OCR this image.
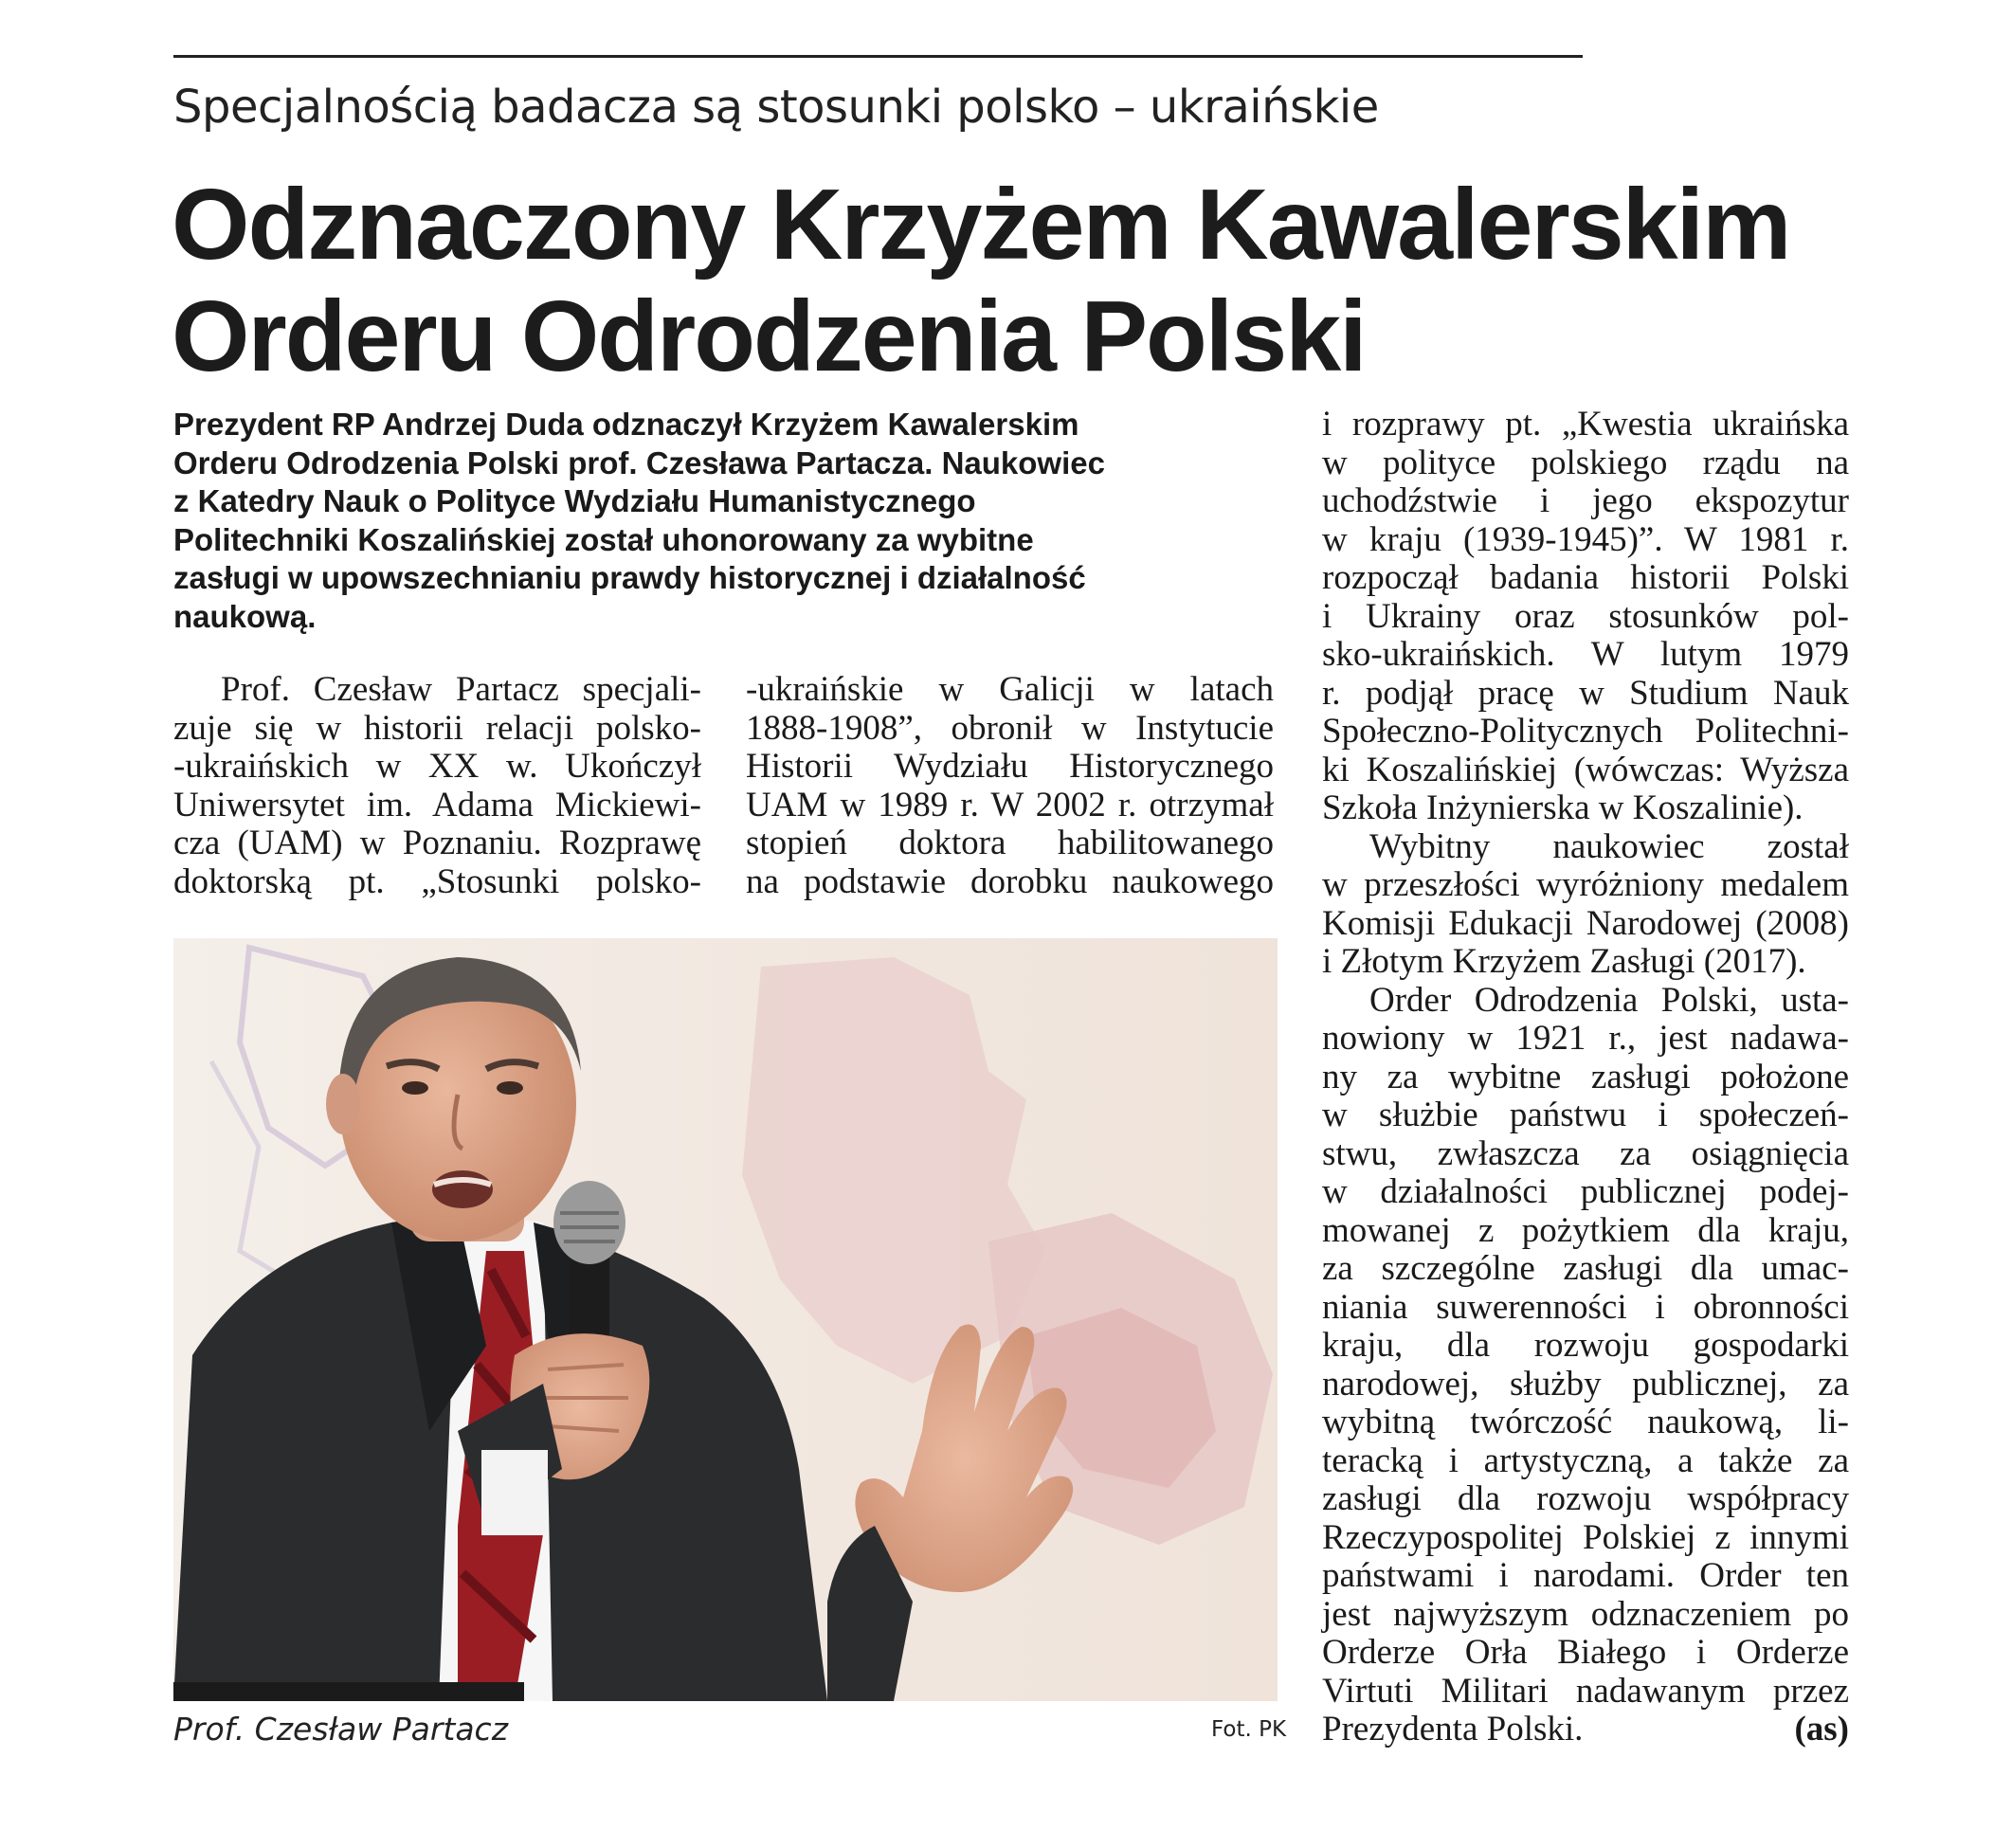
Specjalnością badacza są stosunki polsko – ukraińskie
Odznaczony Krzyżem Kawalerskim
Orderu Odrodzenia Polski
Prezydent RP Andrzej Duda odznaczył Krzyżem Kawalerskim
Orderu Odrodzenia Polski prof. Czesława Partacza. Naukowiec
z Katedry Nauk o Polityce Wydziału Humanistycznego
Politechniki Koszalińskiej został uhonorowany za wybitne
zasługi w upowszechnianiu prawdy historycznej i działalność
naukową.
Prof. Czesław Partacz specjali-
zuje się w historii relacji polsko-
-ukraińskich w XX w. Ukończył
Uniwersytet im. Adama Mickiewi-
cza (UAM) w Poznaniu. Rozprawę
doktorską pt. „Stosunki polsko-
-ukraińskie w Galicji w latach
1888-1908”, obronił w Instytucie
Historii Wydziału Historycznego
UAM w 1989 r. W 2002 r. otrzymał
stopień doktora habilitowanego
na podstawie dorobku naukowego
i rozprawy pt. „Kwestia ukraińska
w polityce polskiego rządu na
uchodźstwie i jego ekspozytur
w kraju (1939-1945)”. W 1981 r.
rozpoczął badania historii Polski
i Ukrainy oraz stosunków pol-
sko-ukraińskich. W lutym 1979
r. podjął pracę w Studium Nauk
Społeczno-Politycznych Politechni-
ki Koszalińskiej (wówczas: Wyższa
Szkoła Inżynierska w Koszalinie).
Wybitny naukowiec został
w przeszłości wyróżniony medalem
Komisji Edukacji Narodowej (2008)
i Złotym Krzyżem Zasługi (2017).
Order Odrodzenia Polski, usta-
nowiony w 1921 r., jest nadawa-
ny za wybitne zasługi położone
w służbie państwu i społeczeń-
stwu, zwłaszcza za osiągnięcia
w działalności publicznej podej-
mowanej z pożytkiem dla kraju,
za szczególne zasługi dla umac-
niania suwerenności i obronności
kraju, dla rozwoju gospodarki
narodowej, służby publicznej, za
wybitną twórczość naukową, li-
teracką i artystyczną, a także za
zasługi dla rozwoju współpracy
Rzeczypospolitej Polskiej z innymi
państwami i narodami. Order ten
jest najwyższym odznaczeniem po
Orderze Orła Białego i Orderze
Virtuti Militari nadawanym przez
Prezydenta Polski.	(as)
Prof. Czesław Partacz	Fot. PK
